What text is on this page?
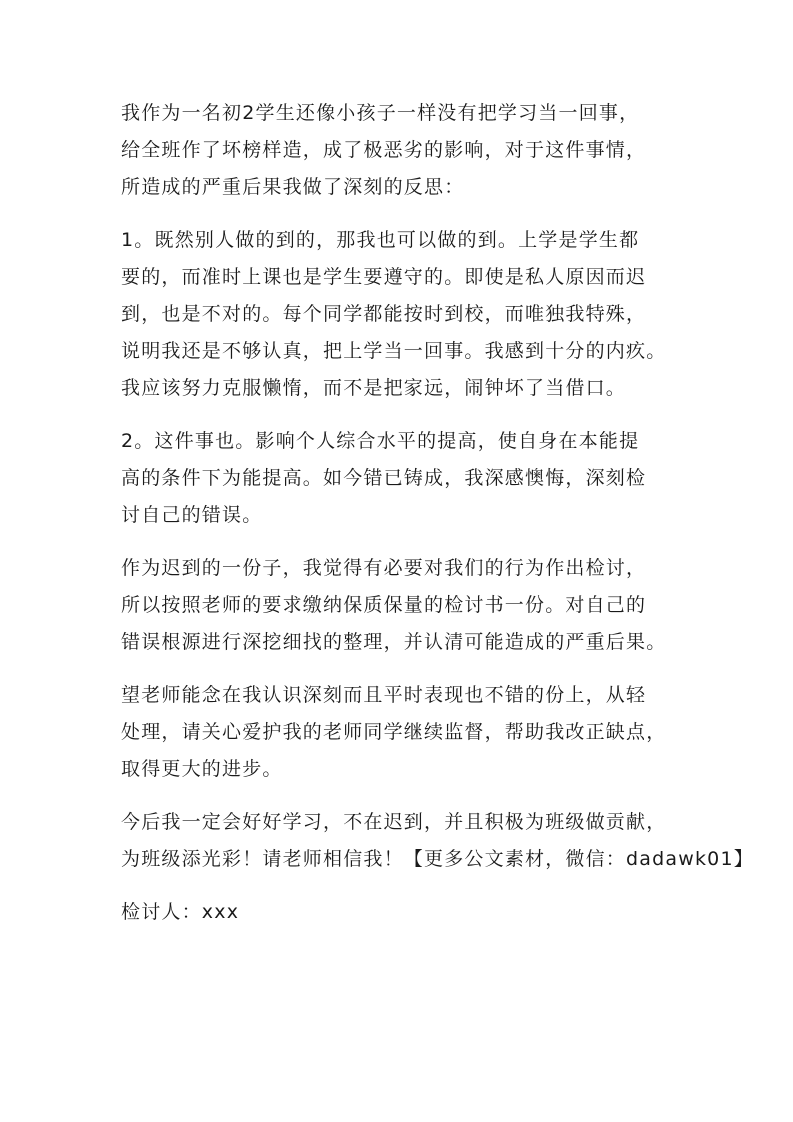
我作为一名初2学生还像小孩子一样没有把学习当一回事，
给全班作了坏榜样造，成了极恶劣的影响，对于这件事情，
所造成的严重后果我做了深刻的反思：

1。既然别人做的到的，那我也可以做的到。上学是学生都
要的，而准时上课也是学生要遵守的。即使是私人原因而迟
到，也是不对的。每个同学都能按时到校，而唯独我特殊，
说明我还是不够认真，把上学当一回事。我感到十分的内疚。
我应该努力克服懒惰，而不是把家远，闹钟坏了当借口。

2。这件事也。影响个人综合水平的提高，使自身在本能提
高的条件下为能提高。如今错已铸成，我深感懊悔，深刻检
讨自己的错误。

作为迟到的一份子，我觉得有必要对我们的行为作出检讨，
所以按照老师的要求缴纳保质保量的检讨书一份。对自己的
错误根源进行深挖细找的整理，并认清可能造成的严重后果。

望老师能念在我认识深刻而且平时表现也不错的份上，从轻
处理，请关心爱护我的老师同学继续监督，帮助我改正缺点，
取得更大的进步。

今后我一定会好好学习，不在迟到，并且积极为班级做贡献，
为班级添光彩！请老师相信我！【更多公文素材，微信：dadawk01】

检讨人：xxx
